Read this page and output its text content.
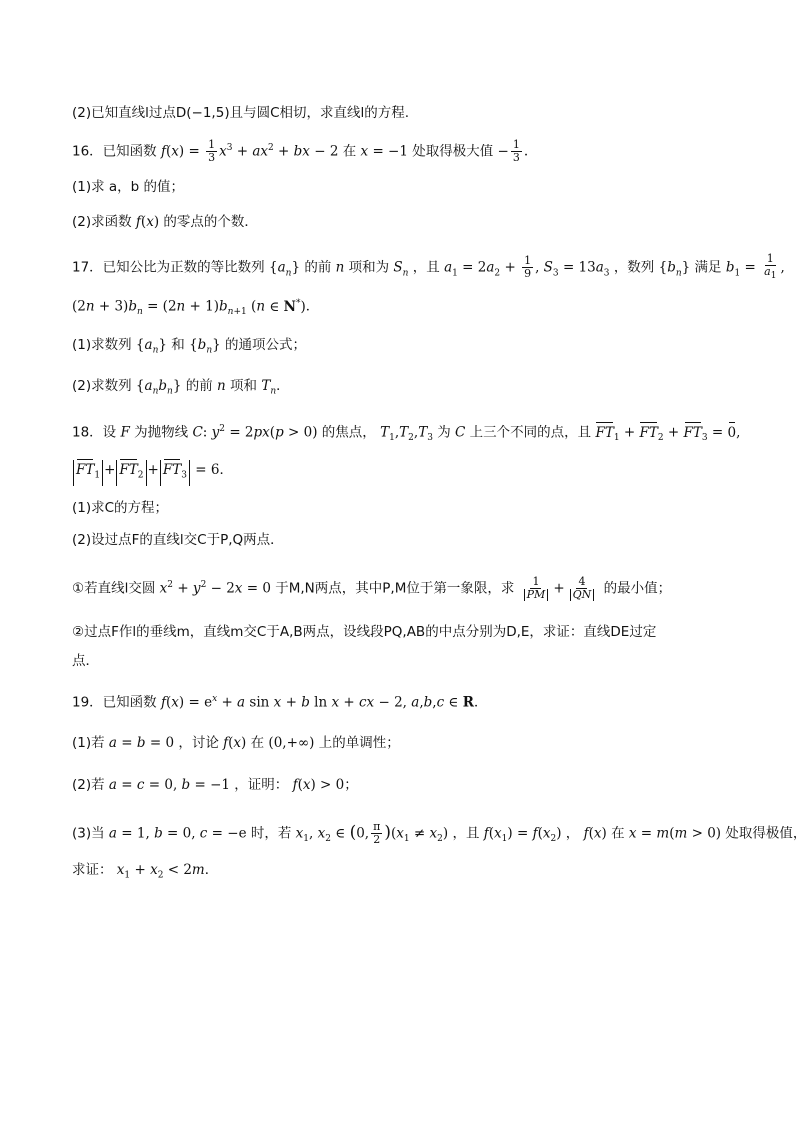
(2)已知直线l过点D(−1,5)且与圆C相切，求直线l的方程.
16．已知函数 $f(x) = \frac{1}{3} x^3 + ax^2$ + bx − 2 在 x = −1 处取得极大值 − $\frac{1}{3}$ .
(1)求 a，b 的值；
(2)求函数 f(x) 的零点的个数．
17．已知公比为正数的等比数列 $\{a_n\}$ 的前 n 项和为 $S_n$ ，且 $a_1 = 2a_2 + \frac{1}{9}$ , $S_3 = 13a_3$ ，数列 $\{b_n\}$ 满足 $b_1 = \frac{1}{a_1}$ ,
$(2n + 3)b_n = (2n + 1)b_{n+1}$ (n ∈ N*)．
(1)求数列 $\{a_n\}$ 和 $\{b_n\}$ 的通项公式；
(2)求数列 $\{a_nb_n\}$ 的前 n 项和 $T_n$．
18．设 F 为抛物线 C: $y^2 = 2px(p > 0)$ 的焦点， $T_1,T_2,T_3$ 为 C 上三个不同的点，且 $FT_1 + FT_2 + FT_3 = 0$,
$FT_1 + FT_2 + FT_3 = 6$．
(1)求C的方程；
(2)设过点F的直线l交C于P,Q两点．
①若直线l交圆 $x^2 + y^2 - 2x = 0$ 于M,N两点，其中P,M位于第一象限，求 $\frac{1}{PM} + \frac{4}{QN}$ 的最小值；
②过点F作l的垂线m，直线m交C于A,B两点，设线段PQ,AB的中点分别为D,E，求证：直线DE过定
点．
19．已知函数 $f(x) = e^x + a$ sin x + b ln x + cx − 2, a,b,c ∈ R．
(1)若 a = b = 0 ，讨论 f(x) 在 (0,+∞) 上的单调性；
(2)若 a = c = 0, b = −1 ，证明： f(x) > 0；
(3)当 a = 1, b = 0, c = −e 时，若 $x_1$, $x_2$ ∈ (0, $\frac{\pi}{2} )(x_1 \ne x_2)$ ，且 $f(x_1) = f(x_2)$ ， f(x) 在 x = m(m > 0) 处取得极值，
求证： $x_1 + x_2 < 2m$．
